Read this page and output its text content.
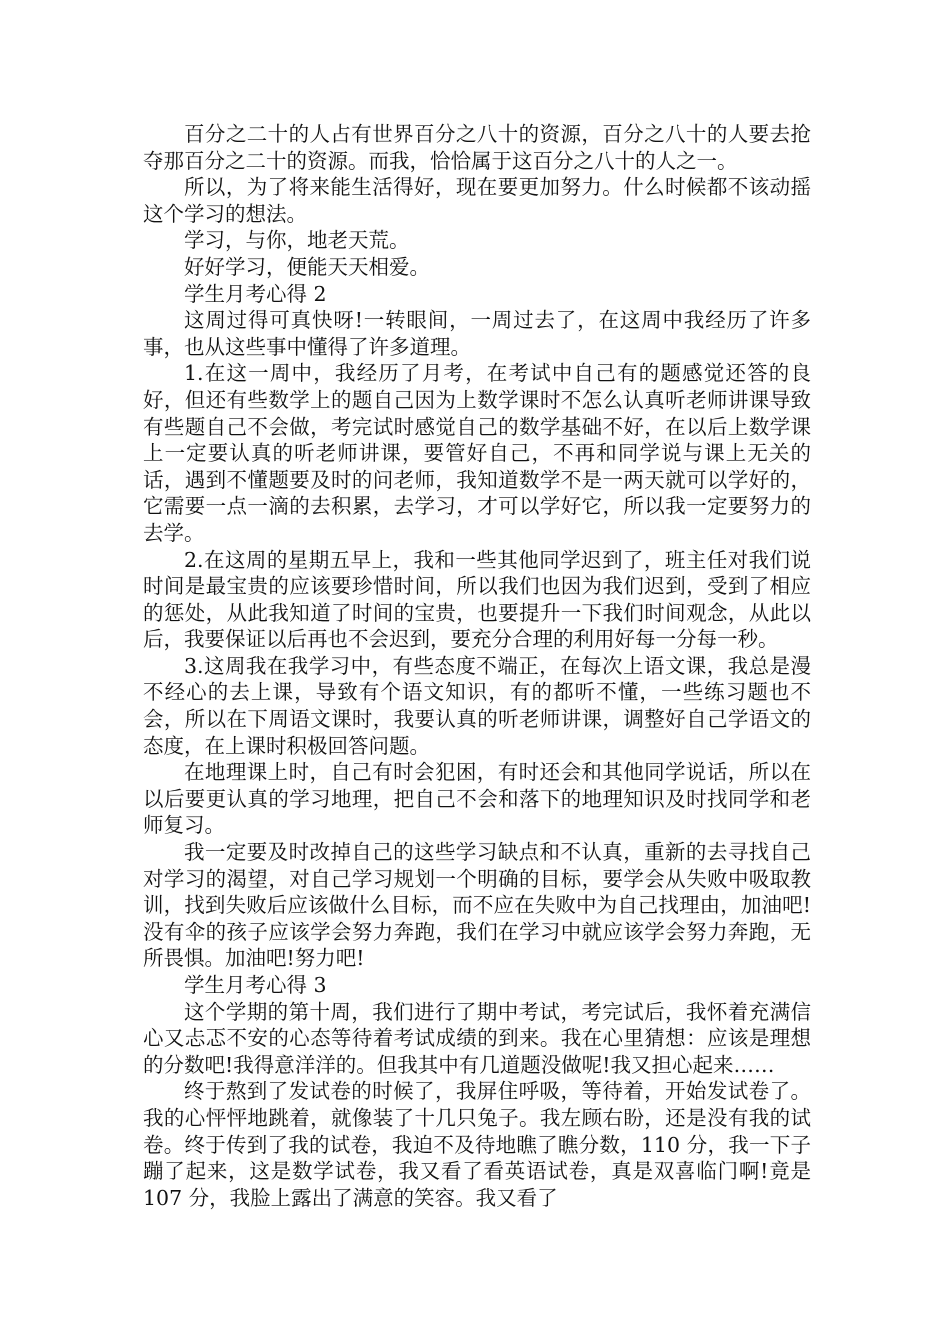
百分之二十的人占有世界百分之八十的资源，百分之八十的人要去抢夺那百分之二十的资源。而我，恰恰属于这百分之八十的人之一。

所以，为了将来能生活得好，现在要更加努力。什么时候都不该动摇这个学习的想法。

学习，与你，地老天荒。

好好学习，便能天天相爱。

学生月考心得 2

这周过得可真快呀!一转眼间，一周过去了，在这周中我经历了许多事，也从这些事中懂得了许多道理。

1.在这一周中，我经历了月考，在考试中自己有的题感觉还答的良好，但还有些数学上的题自己因为上数学课时不怎么认真听老师讲课导致有些题自己不会做，考完试时感觉自己的数学基础不好，在以后上数学课上一定要认真的听老师讲课，要管好自己，不再和同学说与课上无关的话，遇到不懂题要及时的问老师，我知道数学不是一两天就可以学好的，它需要一点一滴的去积累，去学习，才可以学好它，所以我一定要努力的去学。

2.在这周的星期五早上，我和一些其他同学迟到了，班主任对我们说时间是最宝贵的应该要珍惜时间，所以我们也因为我们迟到，受到了相应的惩处，从此我知道了时间的宝贵，也要提升一下我们时间观念，从此以后，我要保证以后再也不会迟到，要充分合理的利用好每一分每一秒。

3.这周我在我学习中，有些态度不端正，在每次上语文课，我总是漫不经心的去上课，导致有个语文知识，有的都听不懂，一些练习题也不会，所以在下周语文课时，我要认真的听老师讲课，调整好自己学语文的态度，在上课时积极回答问题。

在地理课上时，自己有时会犯困，有时还会和其他同学说话，所以在以后要更认真的学习地理，把自己不会和落下的地理知识及时找同学和老师复习。

我一定要及时改掉自己的这些学习缺点和不认真，重新的去寻找自己对学习的渴望，对自己学习规划一个明确的目标，要学会从失败中吸取教训，找到失败后应该做什么目标，而不应在失败中为自己找理由，加油吧!没有伞的孩子应该学会努力奔跑，我们在学习中就应该学会努力奔跑，无所畏惧。加油吧!努力吧!

学生月考心得 3

这个学期的第十周，我们进行了期中考试，考完试后，我怀着充满信心又忐忑不安的心态等待着考试成绩的到来。我在心里猜想：应该是理想的分数吧!我得意洋洋的。但我其中有几道题没做呢!我又担心起来……

终于熬到了发试卷的时候了，我屏住呼吸，等待着，开始发试卷了。我的心怦怦地跳着，就像装了十几只兔子。我左顾右盼，还是没有我的试卷。终于传到了我的试卷，我迫不及待地瞧了瞧分数，110 分，我一下子蹦了起来，这是数学试卷，我又看了看英语试卷，真是双喜临门啊!竟是 107 分，我脸上露出了满意的笑容。我又看了
